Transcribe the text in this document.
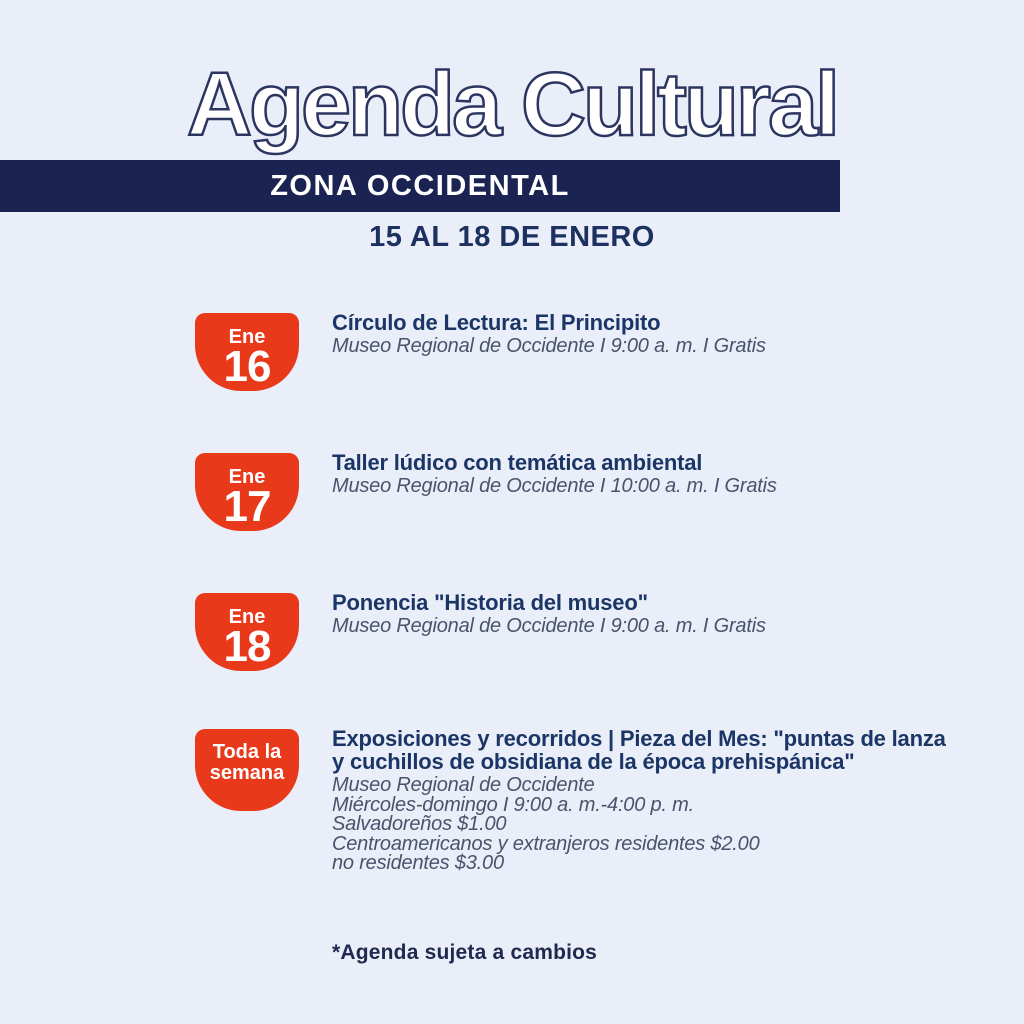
Agenda Cultural
ZONA OCCIDENTAL
15 AL 18 DE ENERO
Ene
16
Círculo de Lectura: El Principito
Museo Regional de Occidente I 9:00 a. m. I Gratis
Ene
17
Taller lúdico con temática ambiental
Museo Regional de Occidente I 10:00 a. m. I Gratis
Ene
18
Ponencia "Historia del museo"
Museo Regional de Occidente I 9:00 a. m. I Gratis
Toda la
semana
Exposiciones y recorridos | Pieza del Mes: "puntas de lanza y cuchillos de obsidiana de la época prehispánica"
Museo Regional de Occidente
Miércoles-domingo I 9:00 a. m.-4:00 p. m.
Salvadoreños $1.00
Centroamericanos y extranjeros residentes $2.00
no residentes $3.00
*Agenda sujeta a cambios
